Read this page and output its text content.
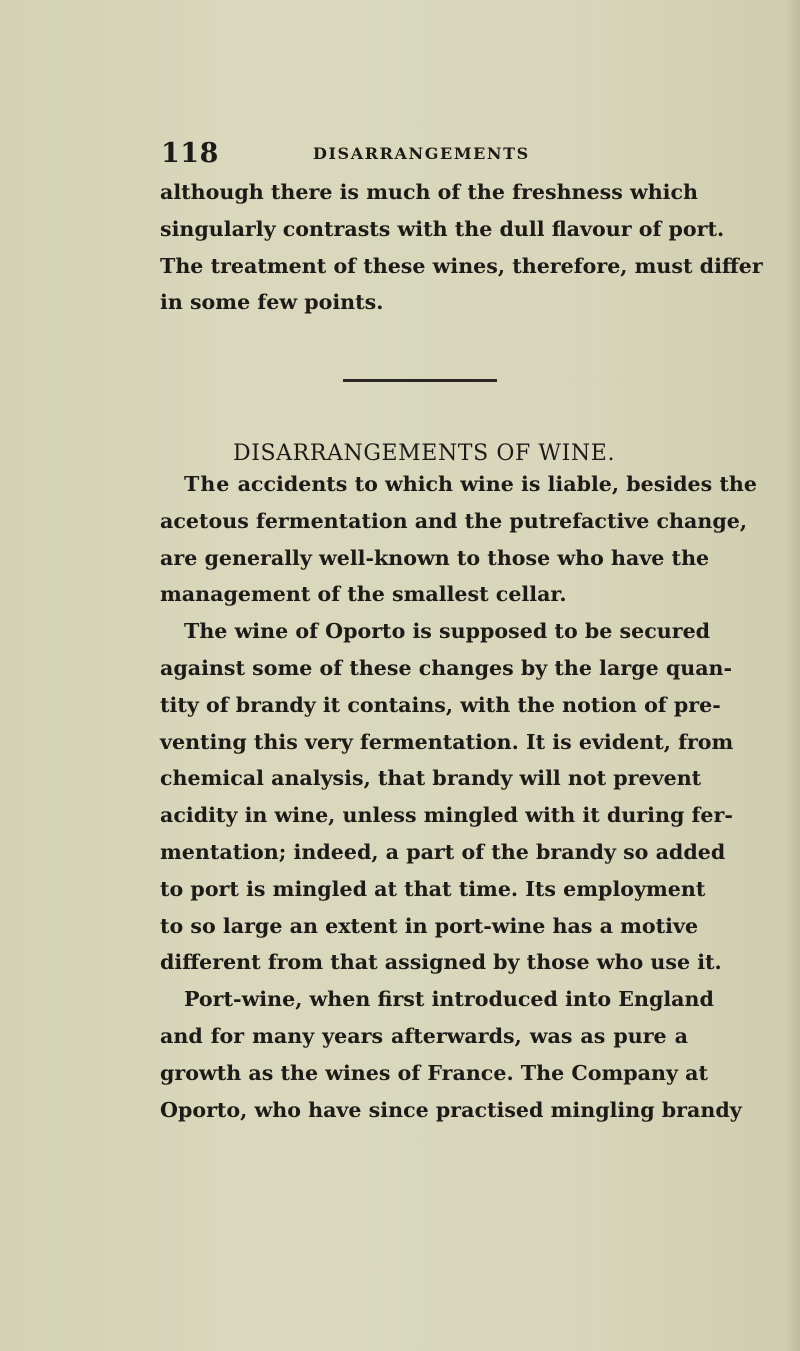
118	DISARRANGEMENTS
although there is much of the freshness which
singularly contrasts with the dull flavour of port.
The treatment of these wines, therefore, must differ
in some few points.
DISARRANGEMENTS OF WINE.
The accidents to which wine is liable, besides the
acetous fermentation and the putrefactive change,
are generally well-known to those who have the
management of the smallest cellar.
The wine of Oporto is supposed to be secured
against some of these changes by the large quan-
tity of brandy it contains, with the notion of pre-
venting this very fermentation. It is evident, from
chemical analysis, that brandy will not prevent
acidity in wine, unless mingled with it during fer-
mentation; indeed, a part of the brandy so added
to port is mingled at that time. Its employment
to so large an extent in port-wine has a motive
different from that assigned by those who use it.
Port-wine, when first introduced into England
and for many years afterwards, was as pure a
growth as the wines of France. The Company at
Oporto, who have since practised mingling brandy
